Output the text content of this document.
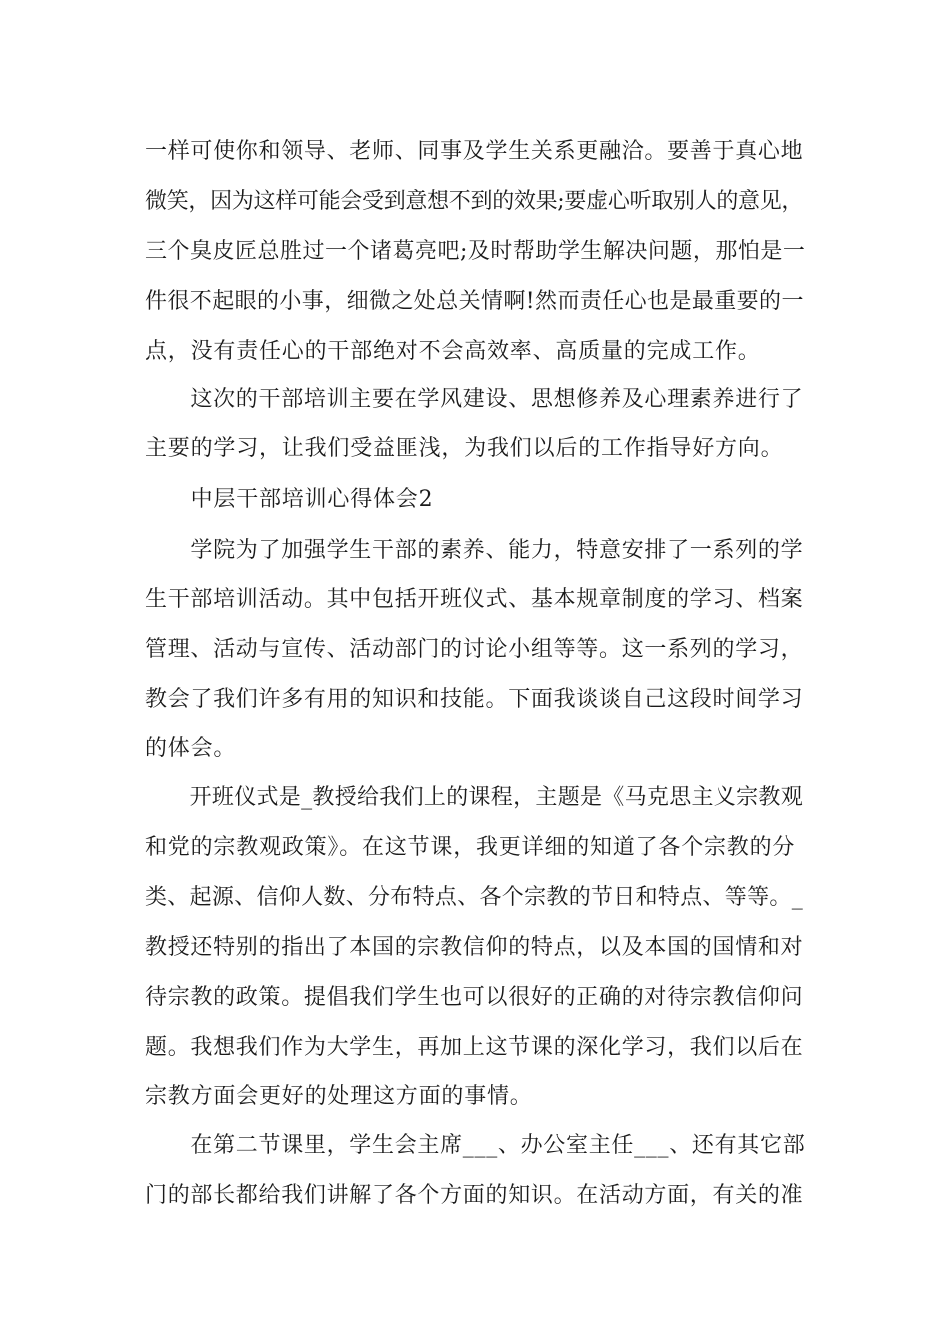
一样可使你和领导、老师、同事及学生关系更融洽。要善于真心地
微笑，因为这样可能会受到意想不到的效果;要虚心听取别人的意见，
三个臭皮匠总胜过一个诸葛亮吧;及时帮助学生解决问题，那怕是一
件很不起眼的小事，细微之处总关情啊!然而责任心也是最重要的一
点，没有责任心的干部绝对不会高效率、高质量的完成工作。
　　这次的干部培训主要在学风建设、思想修养及心理素养进行了
主要的学习，让我们受益匪浅，为我们以后的工作指导好方向。
　　中层干部培训心得体会2
　　学院为了加强学生干部的素养、能力，特意安排了一系列的学
生干部培训活动。其中包括开班仪式、基本规章制度的学习、档案
管理、活动与宣传、活动部门的讨论小组等等。这一系列的学习，
教会了我们许多有用的知识和技能。下面我谈谈自己这段时间学习
的体会。
　　开班仪式是_教授给我们上的课程，主题是《马克思主义宗教观
和党的宗教观政策》。在这节课，我更详细的知道了各个宗教的分
类、起源、信仰人数、分布特点、各个宗教的节日和特点、等等。_
教授还特别的指出了本国的宗教信仰的特点，以及本国的国情和对
待宗教的政策。提倡我们学生也可以很好的正确的对待宗教信仰问
题。我想我们作为大学生，再加上这节课的深化学习，我们以后在
宗教方面会更好的处理这方面的事情。
　　在第二节课里，学生会主席___、办公室主任___、还有其它部
门的部长都给我们讲解了各个方面的知识。在活动方面，有关的准
